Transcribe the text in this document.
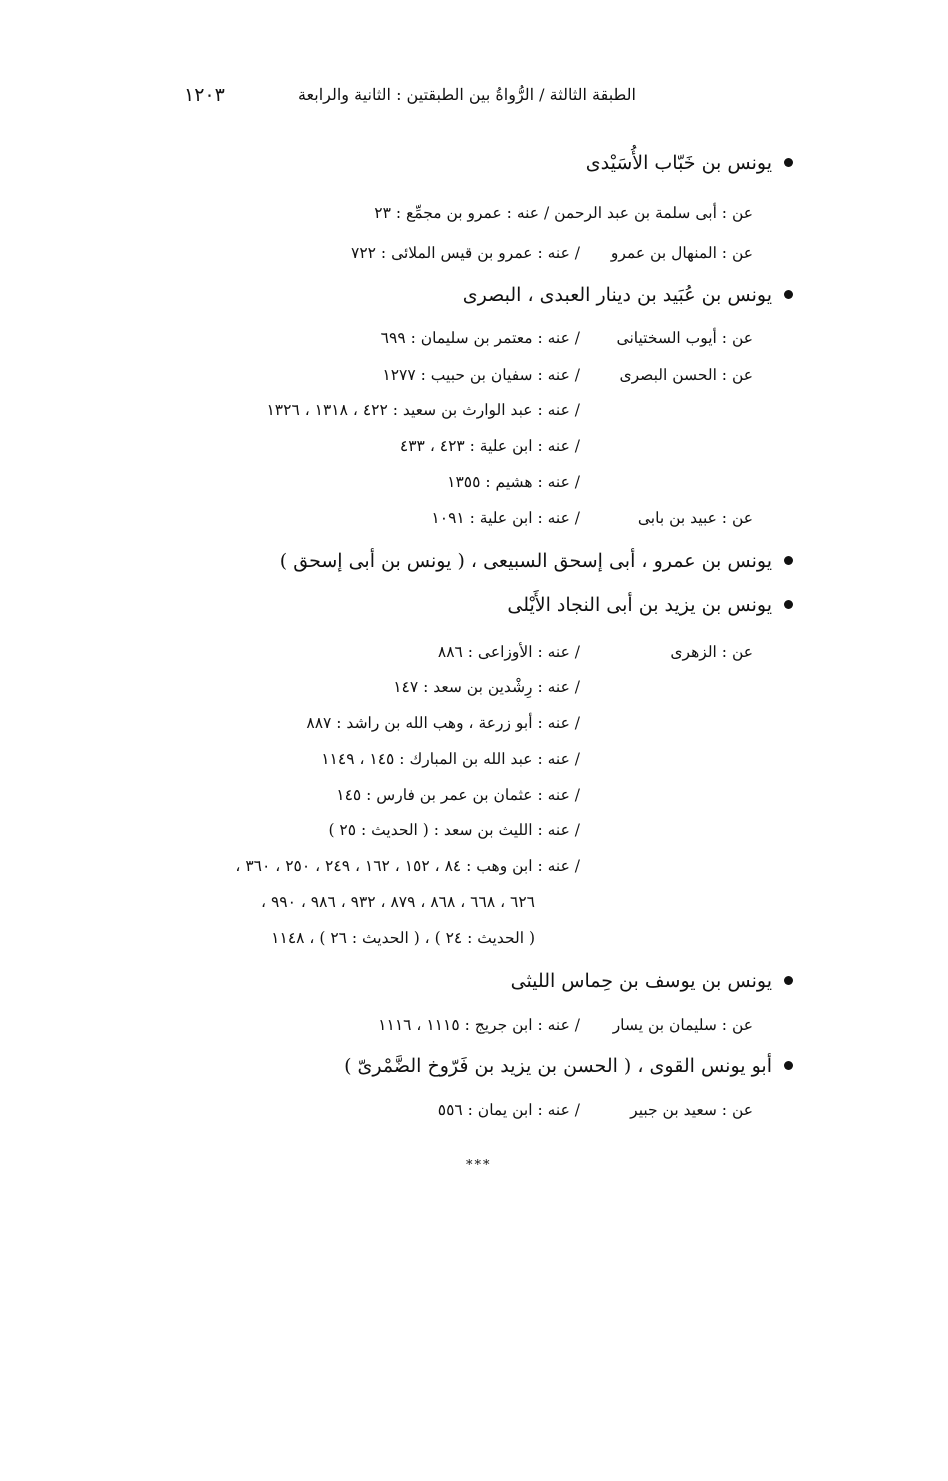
الطبقة الثالثة / الرُّواةُ بين الطبقتين : الثانية والرابعة
١٢٠٣
يونس بن خَبّاب الأُسَيْدى
عن : أبى سلمة بن عبد الرحمن / عنه : عمرو بن مجمِّع : ٢٣
عن : المنهال بن عمرو
/ عنه : عمرو بن قيس الملائى : ٧٢٢
يونس بن عُبَيد بن دينار العبدى ، البصرى
عن : أيوب السختيانى
/ عنه : معتمر بن سليمان : ٦٩٩
عن : الحسن البصرى
/ عنه : سفيان بن حبيب : ١٢٧٧
/ عنه : عبد الوارث بن سعيد : ٤٢٢ ، ١٣١٨ ، ١٣٢٦
/ عنه : ابن علية : ٤٢٣ ، ٤٣٣
/ عنه : هشيم : ١٣٥٥
عن : عبيد بن بابى
/ عنه : ابن علية : ١٠٩١
يونس بن عمرو ، أبى إسحق السبيعى ، ( يونس بن أبى إسحق )
يونس بن يزيد بن أبى النجاد الأَيْلى
عن : الزهرى
/ عنه : الأوزاعى : ٨٨٦
/ عنه : رِشْدين بن سعد : ١٤٧
/ عنه : أبو زرعة ، وهب الله بن راشد : ٨٨٧
/ عنه : عبد الله بن المبارك : ١٤٥ ، ١١٤٩
/ عنه : عثمان بن عمر بن فارس : ١٤٥
/ عنه : الليث بن سعد : ( الحديث : ٢٥ )
/ عنه : ابن وهب : ٨٤ ، ١٥٢ ، ١٦٢ ، ٢٤٩ ، ٢٥٠ ، ٣٦٠ ،
٦٢٦ ، ٦٦٨ ، ٨٦٨ ، ٨٧٩ ، ٩٣٢ ، ٩٨٦ ، ٩٩٠ ،
( الحديث : ٢٤ ) ، ( الحديث : ٢٦ ) ، ١١٤٨
يونس بن يوسف بن حِماس الليثى
عن : سليمان بن يسار
/ عنه : ابن جريج : ١١١٥ ، ١١١٦
أبو يونس القوى ، ( الحسن بن يزيد بن فَرّوخ الضَّمْرىّ )
عن : سعيد بن جبير
/ عنه : ابن يمان : ٥٥٦
***
